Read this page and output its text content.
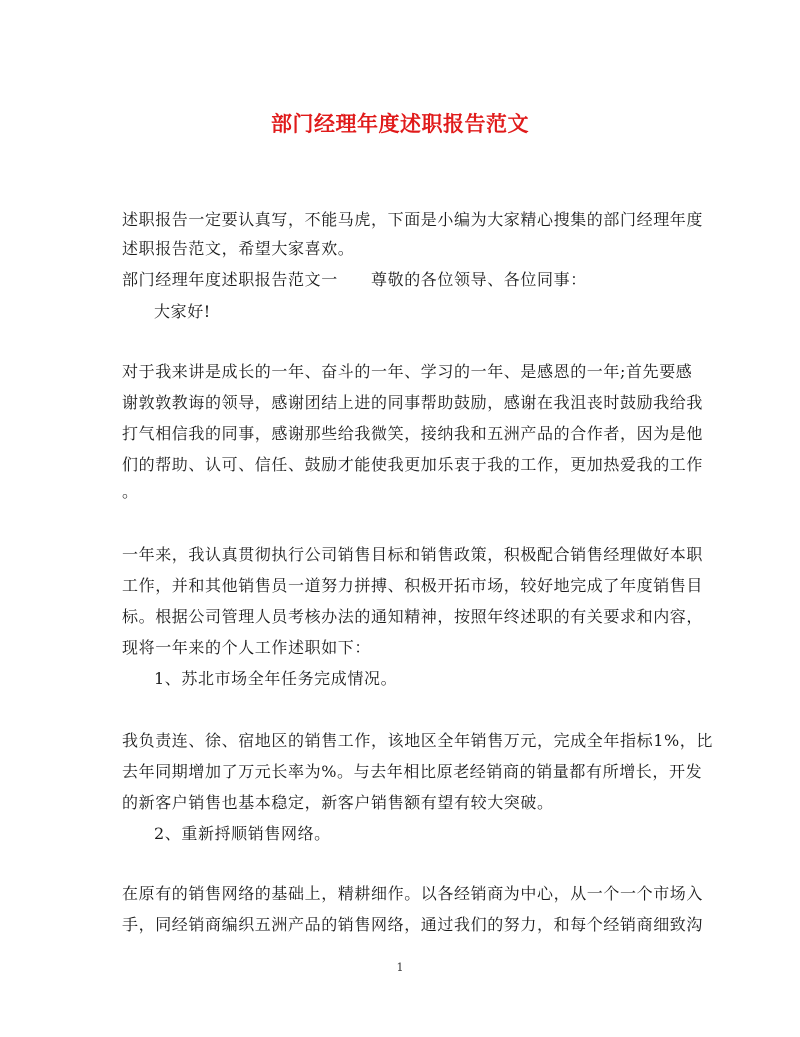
部门经理年度述职报告范文
述职报告一定要认真写，不能马虎，下面是小编为大家精心搜集的部门经理年度
述职报告范文，希望大家喜欢。
部门经理年度述职报告范文一　　尊敬的各位领导、各位同事：
大家好!
对于我来讲是成长的一年、奋斗的一年、学习的一年、是感恩的一年;首先要感
谢敦敦教诲的领导，感谢团结上进的同事帮助鼓励，感谢在我沮丧时鼓励我给我
打气相信我的同事，感谢那些给我微笑，接纳我和五洲产品的合作者，因为是他
们的帮助、认可、信任、鼓励才能使我更加乐衷于我的工作，更加热爱我的工作
。
一年来，我认真贯彻执行公司销售目标和销售政策，积极配合销售经理做好本职
工作，并和其他销售员一道努力拼搏、积极开拓市场，较好地完成了年度销售目
标。根据公司管理人员考核办法的通知精神，按照年终述职的有关要求和内容，
现将一年来的个人工作述职如下：
1、苏北市场全年任务完成情况。
我负责连、徐、宿地区的销售工作，该地区全年销售万元，完成全年指标1%，比
去年同期增加了万元长率为%。与去年相比原老经销商的销量都有所增长，开发
的新客户销售也基本稳定，新客户销售额有望有较大突破。
2、重新捋顺销售网络。
在原有的销售网络的基础上，精耕细作。以各经销商为中心，从一个一个市场入
手，同经销商编织五洲产品的销售网络，通过我们的努力，和每个经销商细致沟
1
